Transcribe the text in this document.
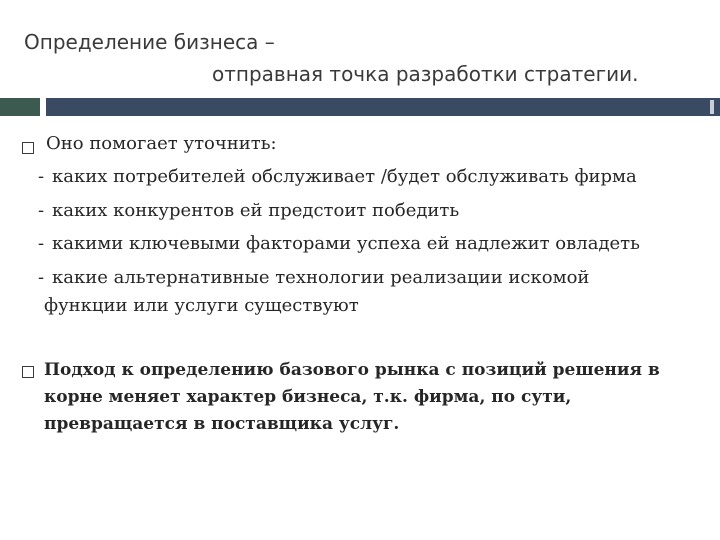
Определение бизнеса –
отправная точка разработки стратегии.
Оно помогает уточнить:
- каких потребителей обслуживает /будет обслуживать фирма
- каких конкурентов ей предстоит победить
- какими ключевыми факторами успеха ей надлежит овладеть
- какие альтернативные технологии реализации искомой
функции или услуги существуют
Подход к определению базового рынка с позиций решения в корне меняет характер бизнеса, т.к. фирма, по сути, превращается в поставщика услуг.
